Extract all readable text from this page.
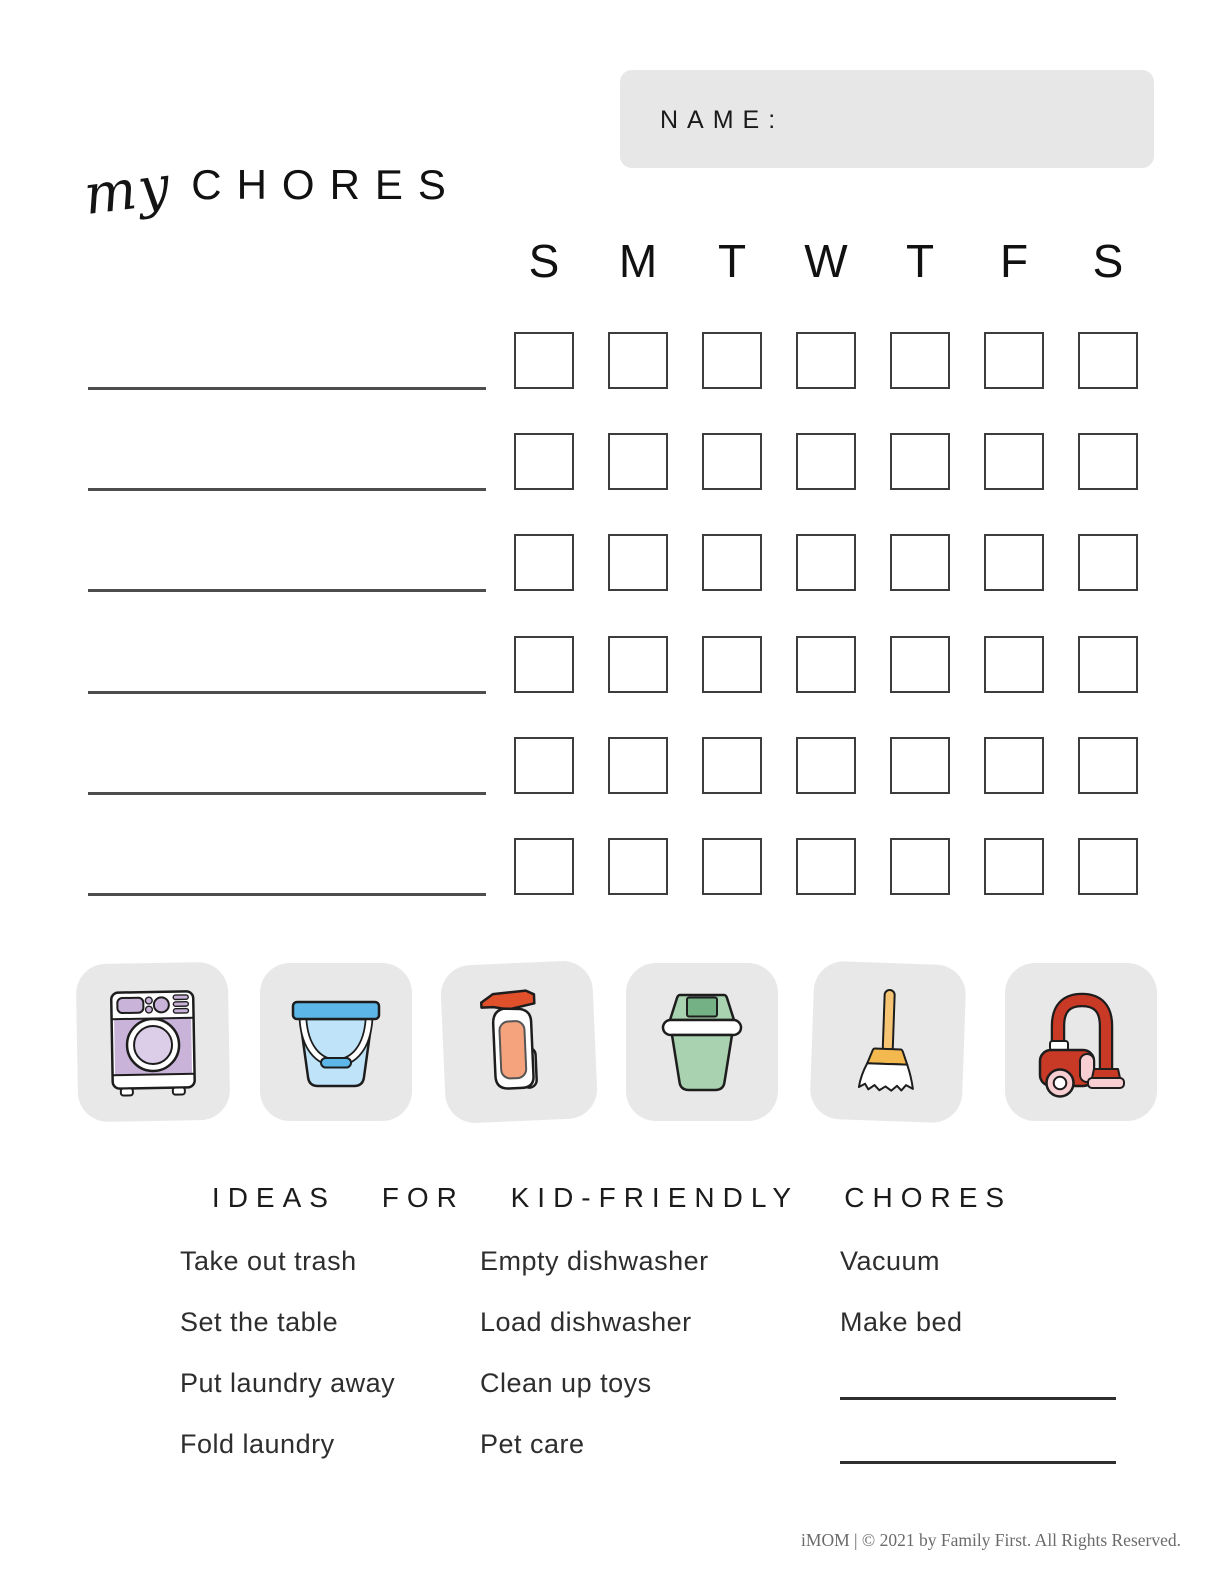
NAME:
my CHORES
S	M	T	W	T	F	S
IDEAS FOR KID-FRIENDLY CHORES
Take out trash
Set the table
Put laundry away
Fold laundry
Empty dishwasher
Load dishwasher
Clean up toys
Pet care
Vacuum
Make bed
iMOM | © 2021 by Family First. All Rights Reserved.
